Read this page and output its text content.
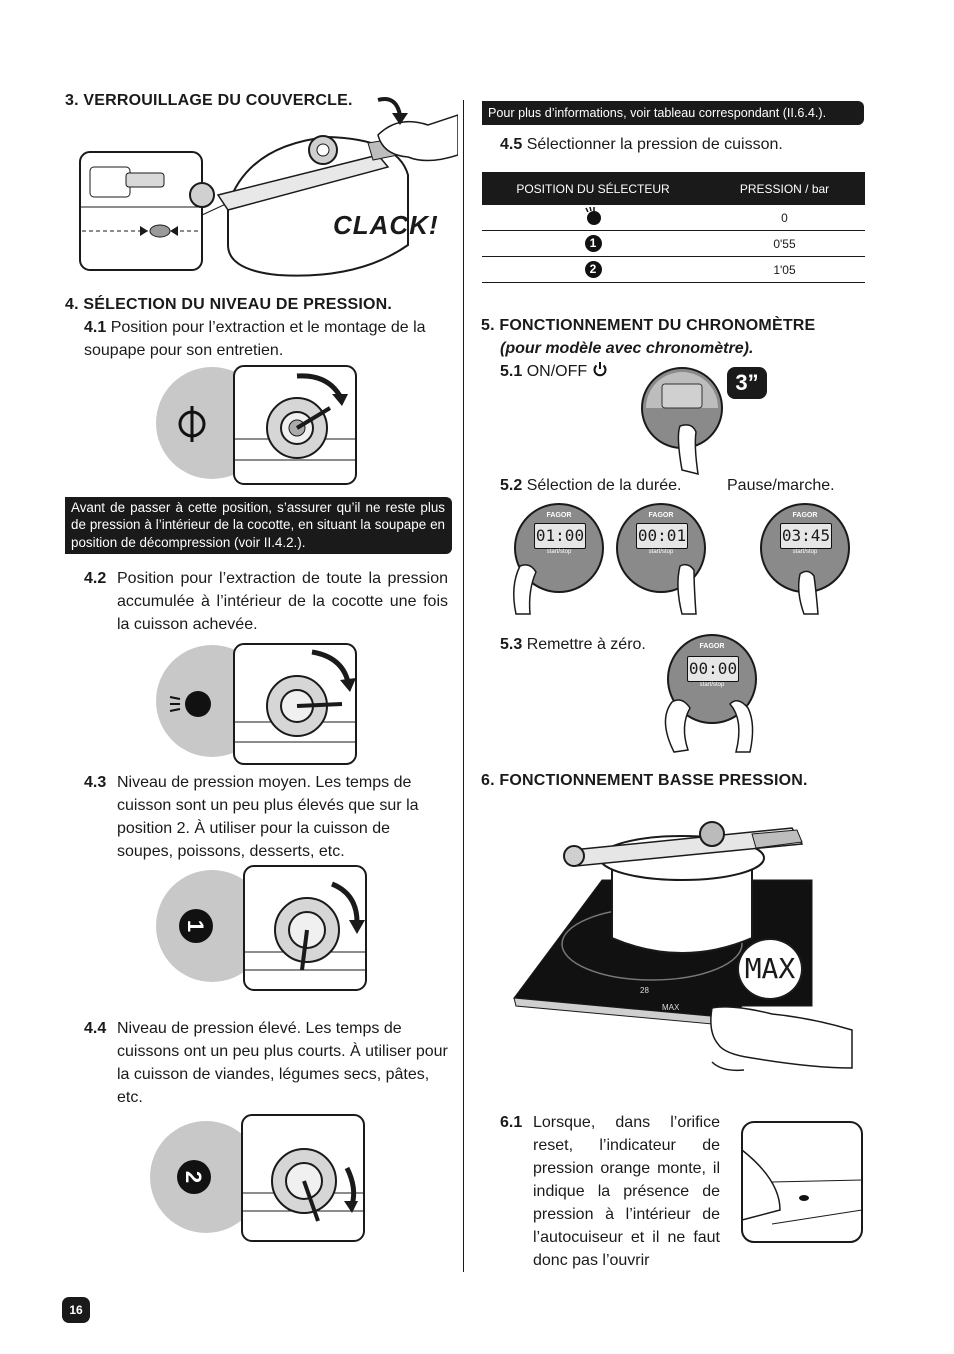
3. VERROUILLAGE DU COUVERCLE.
CLACK!
4. SÉLECTION DU NIVEAU DE PRESSION.
4.1 Position pour l’extraction et le montage de la soupape pour son entretien.
Avant de passer à cette position, s’assurer qu’il ne reste plus de pression à l’intérieur de la cocotte, en situant la soupape en position de décompression (voir II.4.2.).
4.2 Position pour l’extraction de toute la pression accumulée à l’intérieur de la cocotte une fois la cuisson achevée.
4.3 Niveau de pression moyen. Les temps de cuisson sont un peu plus élevés que sur la position 2. À utiliser pour la cuisson de soupes, poissons, desserts, etc.
1
4.4 Niveau de pression élevé. Les temps de cuissons ont un peu plus courts. À utiliser pour la cuisson de viandes, légumes secs, pâtes, etc.
2
16
Pour plus d’informations, voir tableau correspondant (II.6.4.).
4.5 Sélectionner la pression de cuisson.
POSITION DU SÉLECTEUR	PRESSION / bar
	0
1	0'55
2	1'05
5. FONCTIONNEMENT DU CHRONOMÈTRE
(pour modèle avec chronomètre).
5.1 ON/OFF	3”
5.2 Sélection de la durée.	Pause/marche.
FAGOR
01:00
start/stop
FAGOR
00:01
start/stop
FAGOR
03:45
start/stop
5.3 Remettre à zéro.	FAGOR
00:00
start/stop
6. FONCTIONNEMENT BASSE PRESSION.
28
MAX
MAX
6.1 Lorsque, dans l’orifice reset, l’indicateur de pression orange monte, il indique la présence de pression à l’intérieur de l’autocuiseur et il ne faut donc pas l’ouvrir
